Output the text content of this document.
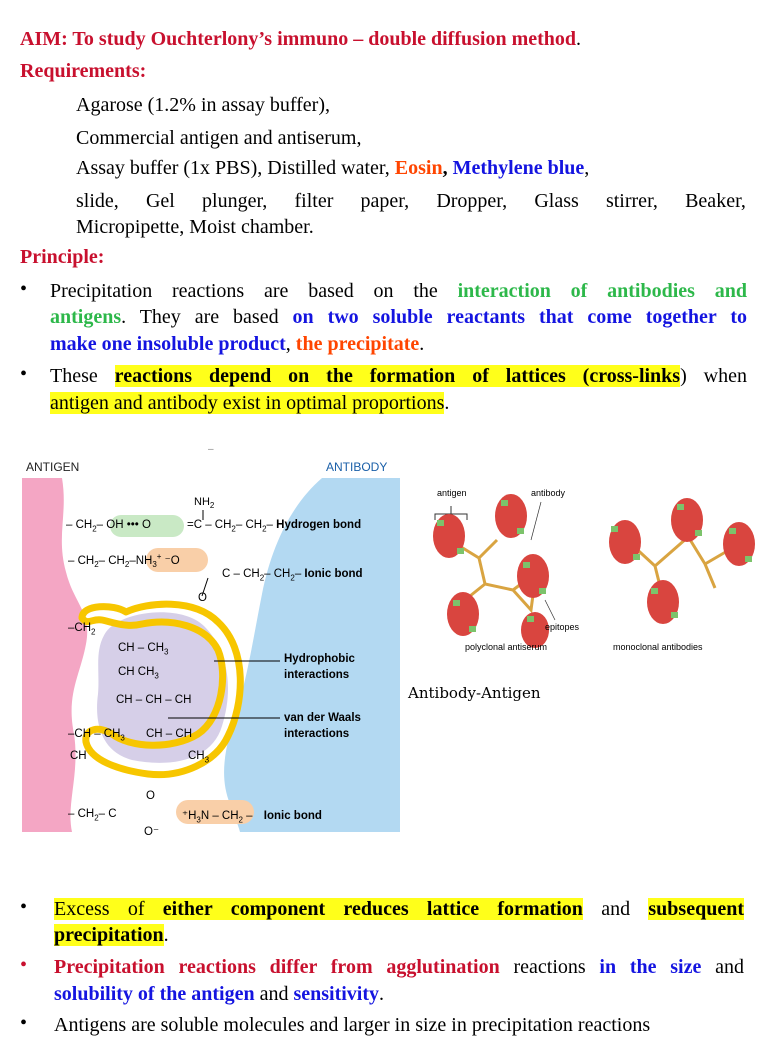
AIM: To study Ouchterlony’s immuno – double diffusion method.
Requirements:
Agarose (1.2% in assay buffer),
Commercial antigen and antiserum,
Assay buffer (1x PBS), Distilled water, Eosin, Methylene blue,
slide, Gel plunger, filter paper, Dropper, Glass stirrer, Beaker,
Micropipette, Moist chamber.
Principle:
• Precipitation reactions are based on the interaction of antibodies and
antigens. They are based on two soluble reactants that come together to
make one insoluble product, the precipitate.
• These reactions depend on the formation of lattices (cross-links) when
antigen and antibody exist in optimal proportions.
ANTIGEN
–
ANTIBODY
$NH_2$
– $CH_2-$ OH ••• O	$=C - CH_2-$ $CH_2-$ Hydrogen bond
– $CH_2-$ $CH_2-NH_3^+$ ⁻O
C – $CH_2-$ $CH_2-$ Ionic bond
O
$-CH_2$
CH – $CH_3$
CH $CH_3$
CH – CH – CH
Hydrophobic
interactions
van der Waals
interactions
$-CH - CH_3$ CH – CH
CH	$CH_3$
O
– $CH_2-$ C
O⁻
$^+H_3N - CH_2$ – Ionic bond
antigen	antibody
epitopes
polyclonal antiserum	monoclonal antibodies
Antibody-Antigen
• Excess of either component reduces lattice formation and subsequent
precipitation.
• Precipitation reactions differ from agglutination reactions in the size and
solubility of the antigen and sensitivity.
• Antigens are soluble molecules and larger in size in precipitation reactions
